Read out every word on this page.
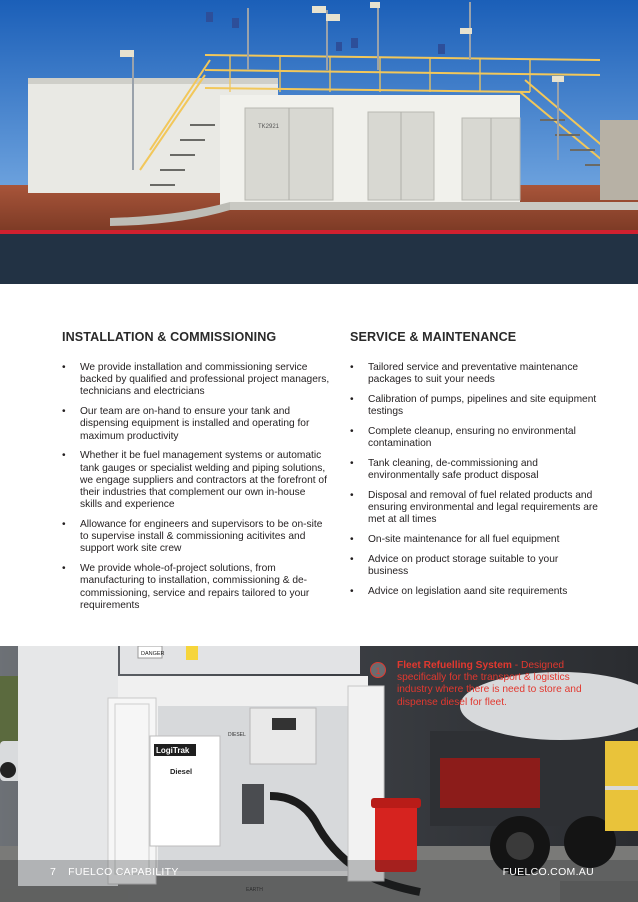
TK2921
INSTALLATION & COMMISSIONING
• We provide installation and commissioning service backed by qualified and professional project managers, technicians and electricians
• Our team are on-hand to ensure your tank and dispensing equipment is installed and operating for maximum productivity
• Whether it be fuel management systems or automatic tank gauges or specialist welding and piping solutions, we engage suppliers and contractors at the forefront of their industries that complement our own in-house skills and experience
• Allowance for engineers and supervisors to be on-site to supervise install & commissioning acitivites and support work site crew
• We provide whole-of-project solutions, from manufacturing to installation, commissioning & de-commissioning, service and repairs tailored to your requirements
SERVICE & MAINTENANCE
• Tailored service and preventative maintenance packages to suit your needs
• Calibration of pumps, pipelines and site equipment testings
• Complete cleanup, ensuring no environmental contamination
• Tank cleaning, de-commissioning and environmentally safe product disposal
• Disposal and removal of fuel related products and ensuring environmental and legal requirements are met at all times
• On-site maintenance for all fuel equipment
• Advice on product storage suitable to your business
• Advice on legislation aand site requirements
DANGER
LogiTrak
Diesel
DIESEL
1	Fleet Refuelling System - Designed specifically for the transport & logistics industry where there is need to store and dispense diesel for fleet.
7 FUELCO CAPABILITY	FUELCO.COM.AU
